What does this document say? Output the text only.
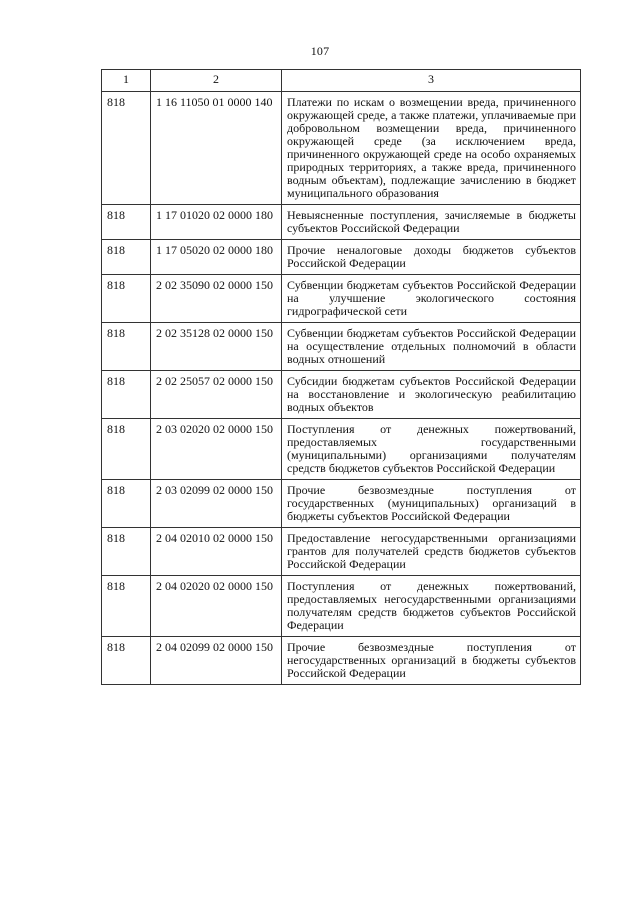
107
1	2	3
818	1 16 11050 01 0000 140	Платежи по искам о возмещении вреда, причиненного окружающей среде, а также платежи, уплачиваемые при добровольном возмещении вреда, причиненного окружающей среде (за исключением вреда, причиненного окружающей среде на особо охраняемых природных территориях, а также вреда, причиненного водным объектам), подлежащие зачислению в бюджет муниципального образования
818	1 17 01020 02 0000 180	Невыясненные поступления, зачисляемые в бюджеты субъектов Российской Федерации
818	1 17 05020 02 0000 180	Прочие неналоговые доходы бюджетов субъектов Российской Федерации
818	2 02 35090 02 0000 150	Субвенции бюджетам субъектов Российской Федерации на улучшение экологического состояния гидрографической сети
818	2 02 35128 02 0000 150	Субвенции бюджетам субъектов Российской Федерации на осуществление отдельных полномочий в области водных отношений
818	2 02 25057 02 0000 150	Субсидии бюджетам субъектов Российской Федерации на восстановление и экологическую реабилитацию водных объектов
818	2 03 02020 02 0000 150	Поступления от денежных пожертвований, предоставляемых государственными (муниципальными) организациями получателям средств бюджетов субъектов Российской Федерации
818	2 03 02099 02 0000 150	Прочие безвозмездные поступления от государственных (муниципальных) организаций в бюджеты субъектов Российской Федерации
818	2 04 02010 02 0000 150	Предоставление негосударственными организациями грантов для получателей средств бюджетов субъектов Российской Федерации
818	2 04 02020 02 0000 150	Поступления от денежных пожертвований, предоставляемых негосударственными организациями получателям средств бюджетов субъектов Российской Федерации
818	2 04 02099 02 0000 150	Прочие безвозмездные поступления от негосударственных организаций в бюджеты субъектов Российской Федерации
